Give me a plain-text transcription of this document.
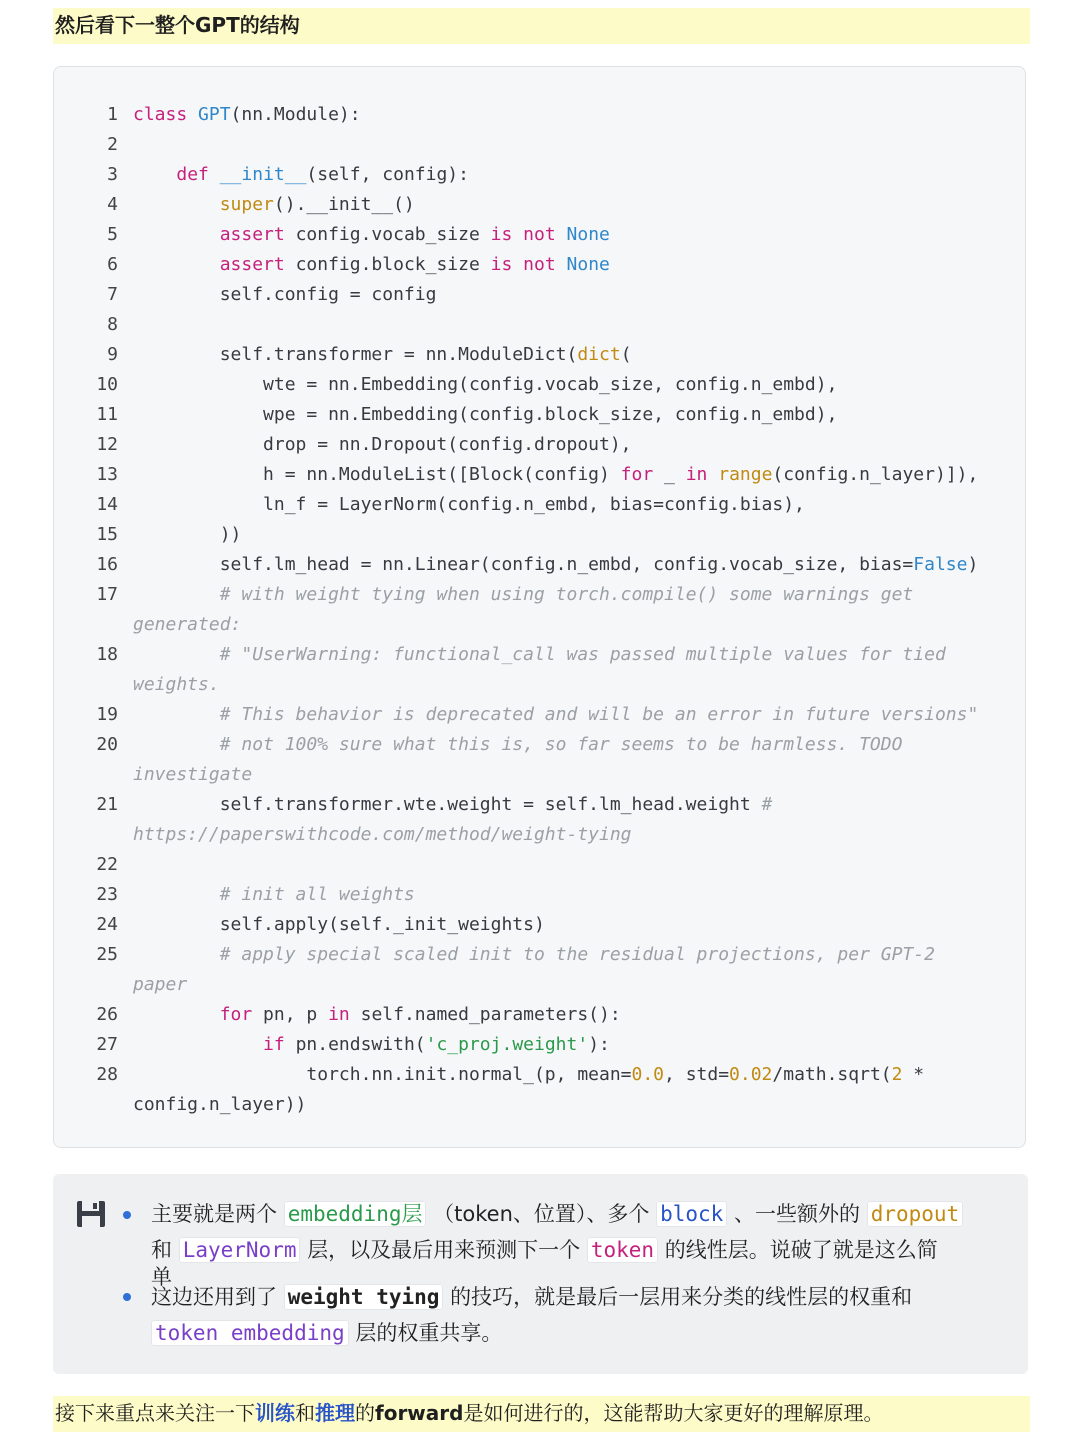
然后看下一整个GPT的结构
1 class GPT(nn.Module):
2
3	def __init__(self, config):
4	super().__init__()
5	assert config.vocab_size is not None
6	assert config.block_size is not None
7 self.config = config
8
9 self.transformer = nn.ModuleDict(dict(
10 wte = nn.Embedding(config.vocab_size, config.n_embd),
11 wpe = nn.Embedding(config.block_size, config.n_embd),
12 drop = nn.Dropout(config.dropout),
13 h = nn.ModuleList([Block(config) for _ in range(config.n_layer)]),
14 ln_f = LayerNorm(config.n_embd, bias=config.bias),
15 ))
16 self.lm_head = nn.Linear(config.n_embd, config.vocab_size, bias=False)
17	# with weight tying when using torch.compile() some warnings get
generated:
18	# "UserWarning: functional_call was passed multiple values for tied
weights.
19	# This behavior is deprecated and will be an error in future versions"
20	# not 100% sure what this is, so far seems to be harmless. TODO
investigate
21 self.transformer.wte.weight = self.lm_head.weight #
https://paperswithcode.com/method/weight-tying
22
23	# init all weights
24 self.apply(self._init_weights)
25	# apply special scaled init to the residual projections, per GPT-2
paper
26	for pn, p in self.named_parameters():
27	if pn.endswith('c_proj.weight'):
28 torch.nn.init.normal_(p, mean=0.0, std=0.02/math.sqrt(2 *
config.n_layer))
主要就是两个 embedding层 （token、位置）、多个 block 、一些额外的 dropout
和 LayerNorm 层，以及最后用来预测下一个 token 的线性层。说破了就是这么简
单
这边还用到了 weight tying 的技巧，就是最后一层用来分类的线性层的权重和
token embedding 层的权重共享。
接下来重点来关注一下训练和推理的forward是如何进行的，这能帮助大家更好的理解原理。
